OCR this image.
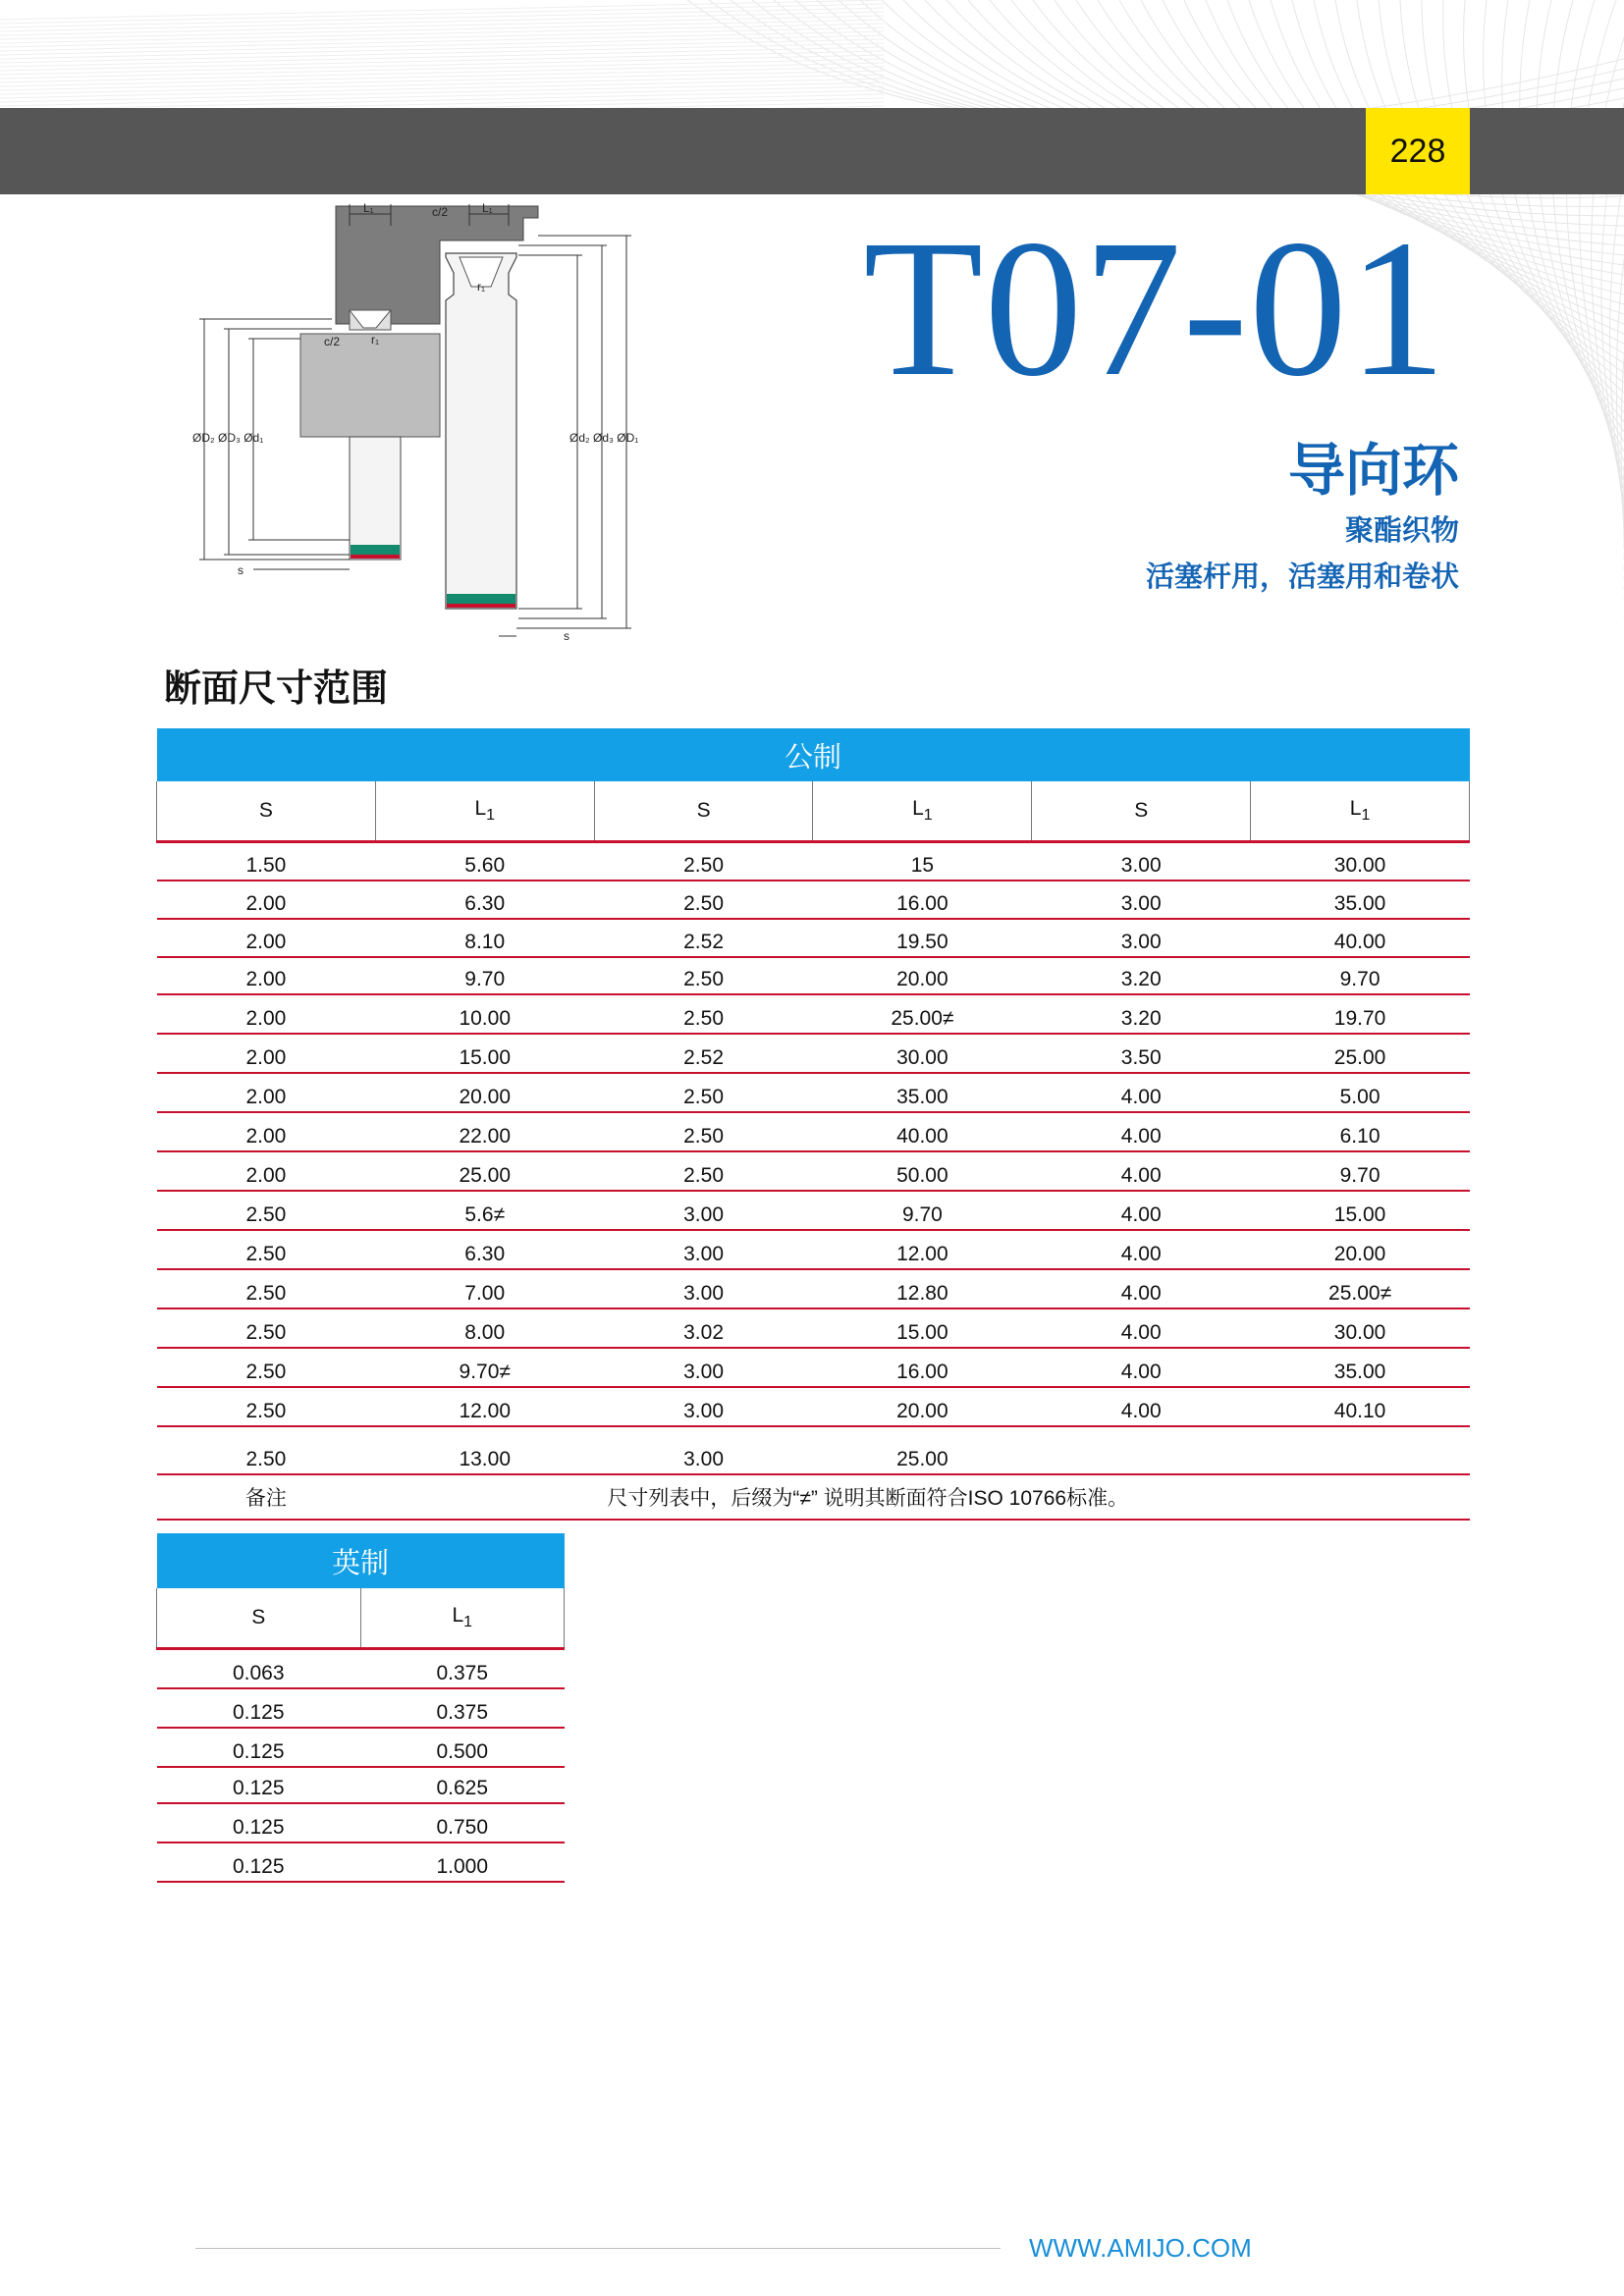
228
ØD₂ ØD₃ Ød₁	Ød₂ Ød₃ ØD₁
L₁	L₁
c/2
c/2	r₁
r₁
s
s
T07-01
导向环
聚酯织物
活塞杆用，活塞用和卷状
断面尺寸范围
公制					
S	$L_1$	S	$L_1$	S	$L_1$
1.50	5.60	2.50	15	3.00	30.00
2.00	6.30	2.50	16.00	3.00	35.00
2.00	8.10	2.52	19.50	3.00	40.00
2.00	9.70	2.50	20.00	3.20	9.70
2.00	10.00	2.50	25.00≠	3.20	19.70
2.00	15.00	2.52	30.00	3.50	25.00
2.00	20.00	2.50	35.00	4.00	5.00
2.00	22.00	2.50	40.00	4.00	6.10
2.00	25.00	2.50	50.00	4.00	9.70
2.50	5.6≠	3.00	9.70	4.00	15.00
2.50	6.30	3.00	12.00	4.00	20.00
2.50	7.00	3.00	12.80	4.00	25.00≠
2.50	8.00	3.02	15.00	4.00	30.00
2.50	9.70≠	3.00	16.00	4.00	35.00
2.50	12.00	3.00	20.00	4.00	40.10
2.50	13.00	3.00	25.00		
备注	尺寸列表中，后缀为“≠” 说明其断面符合ISO 10766标准。				
英制	
S	$L_1$
0.063	0.375
0.125	0.375
0.125	0.500
0.125	0.625
0.125	0.750
0.125	1.000
WWW.AMIJO.COM
